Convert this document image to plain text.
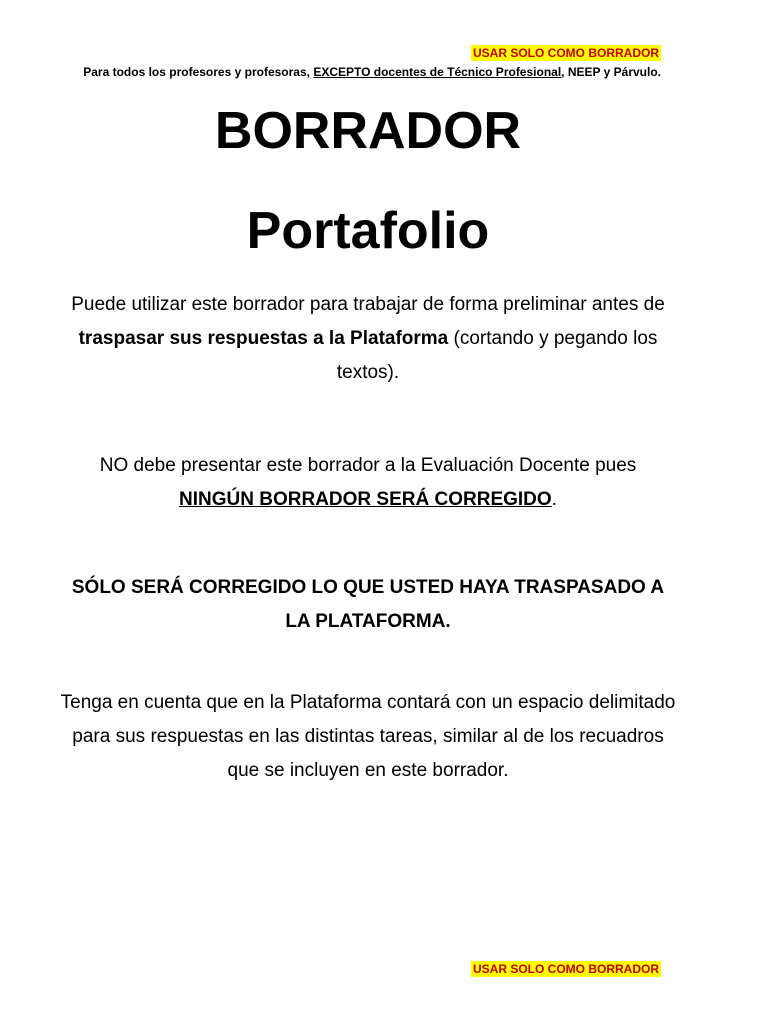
USAR SOLO COMO BORRADOR
Para todos los profesores y profesoras, EXCEPTO docentes de Técnico Profesional, NEEP y Párvulo.
BORRADOR
Portafolio

Puede utilizar este borrador para trabajar de forma preliminar antes de traspasar sus respuestas a la Plataforma (cortando y pegando los textos).

NO debe presentar este borrador a la Evaluación Docente pues NINGÚN BORRADOR SERÁ CORREGIDO.

SÓLO SERÁ CORREGIDO LO QUE USTED HAYA TRASPASADO A LA PLATAFORMA.

Tenga en cuenta que en la Plataforma contará con un espacio delimitado para sus respuestas en las distintas tareas, similar al de los recuadros que se incluyen en este borrador.

USAR SOLO COMO BORRADOR
